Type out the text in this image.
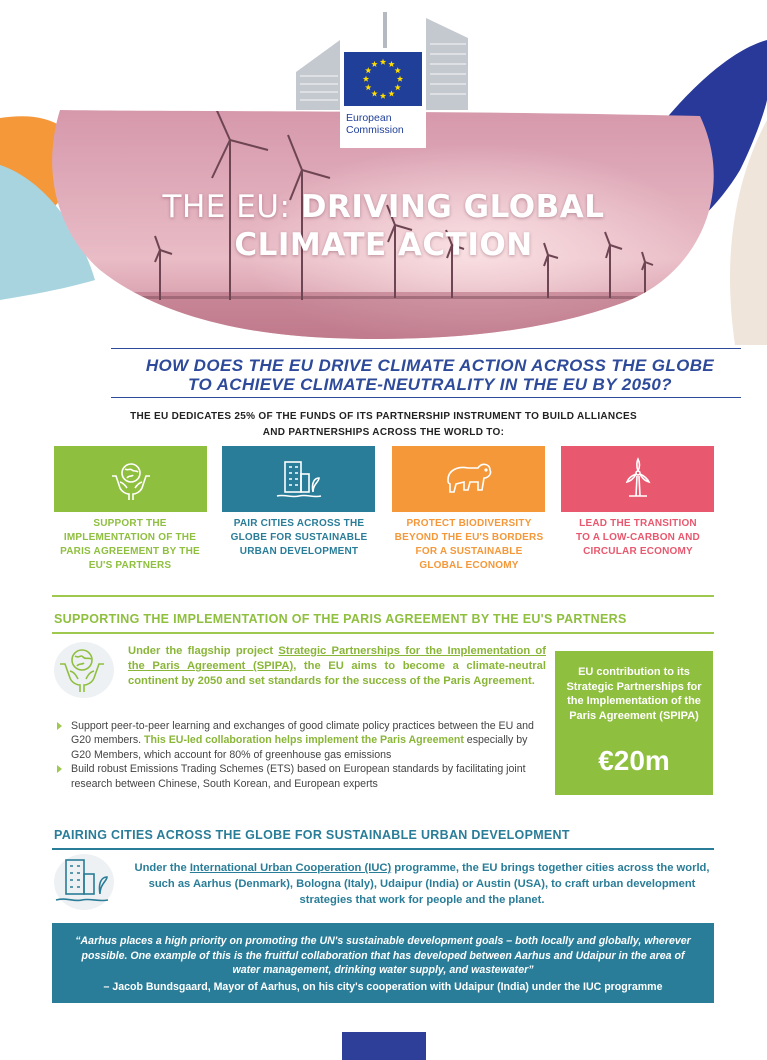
European
Commission
THE EU: DRIVING GLOBAL
CLIMATE ACTION
HOW DOES THE EU DRIVE CLIMATE ACTION ACROSS THE GLOBE
TO ACHIEVE CLIMATE-NEUTRALITY IN THE EU BY 2050?
THE EU DEDICATES 25% OF THE FUNDS OF ITS PARTNERSHIP INSTRUMENT TO BUILD ALLIANCES
AND PARTNERSHIPS ACROSS THE WORLD TO:
SUPPORT THE
IMPLEMENTATION OF THE
PARIS AGREEMENT BY THE
EU'S PARTNERS
PAIR CITIES ACROSS THE
GLOBE FOR SUSTAINABLE
URBAN DEVELOPMENT
PROTECT BIODIVERSITY
BEYOND THE EU'S BORDERS
FOR A SUSTAINABLE
GLOBAL ECONOMY
LEAD THE TRANSITION
TO A LOW-CARBON AND
CIRCULAR ECONOMY
SUPPORTING THE IMPLEMENTATION OF THE PARIS AGREEMENT BY THE EU'S PARTNERS
Under the flagship project Strategic Partnerships for the Implementation of the Paris Agreement (SPIPA), the EU aims to become a climate-neutral continent by 2050 and set standards for the success of the Paris Agreement.
Support peer-to-peer learning and exchanges of good climate policy practices between the EU and G20 members. This EU-led collaboration helps implement the Paris Agreement especially by G20 Members, which account for 80% of greenhouse gas emissions
Build robust Emissions Trading Schemes (ETS) based on European standards by facilitating joint research between Chinese, South Korean, and European experts
EU contribution to its Strategic Partnerships for the Implementation of the Paris Agreement (SPIPA)
€20m
PAIRING CITIES ACROSS THE GLOBE FOR SUSTAINABLE URBAN DEVELOPMENT
Under the International Urban Cooperation (IUC) programme, the EU brings together cities across the world, such as Aarhus (Denmark), Bologna (Italy), Udaipur (India) or Austin (USA), to craft urban development strategies that work for people and the planet.
“Aarhus places a high priority on promoting the UN's sustainable development goals – both locally and globally, wherever possible. One example of this is the fruitful collaboration that has developed between Aarhus and Udaipur in the area of water management, drinking water supply, and wastewater”
– Jacob Bundsgaard, Mayor of Aarhus, on his city's cooperation with Udaipur (India) under the IUC programme
